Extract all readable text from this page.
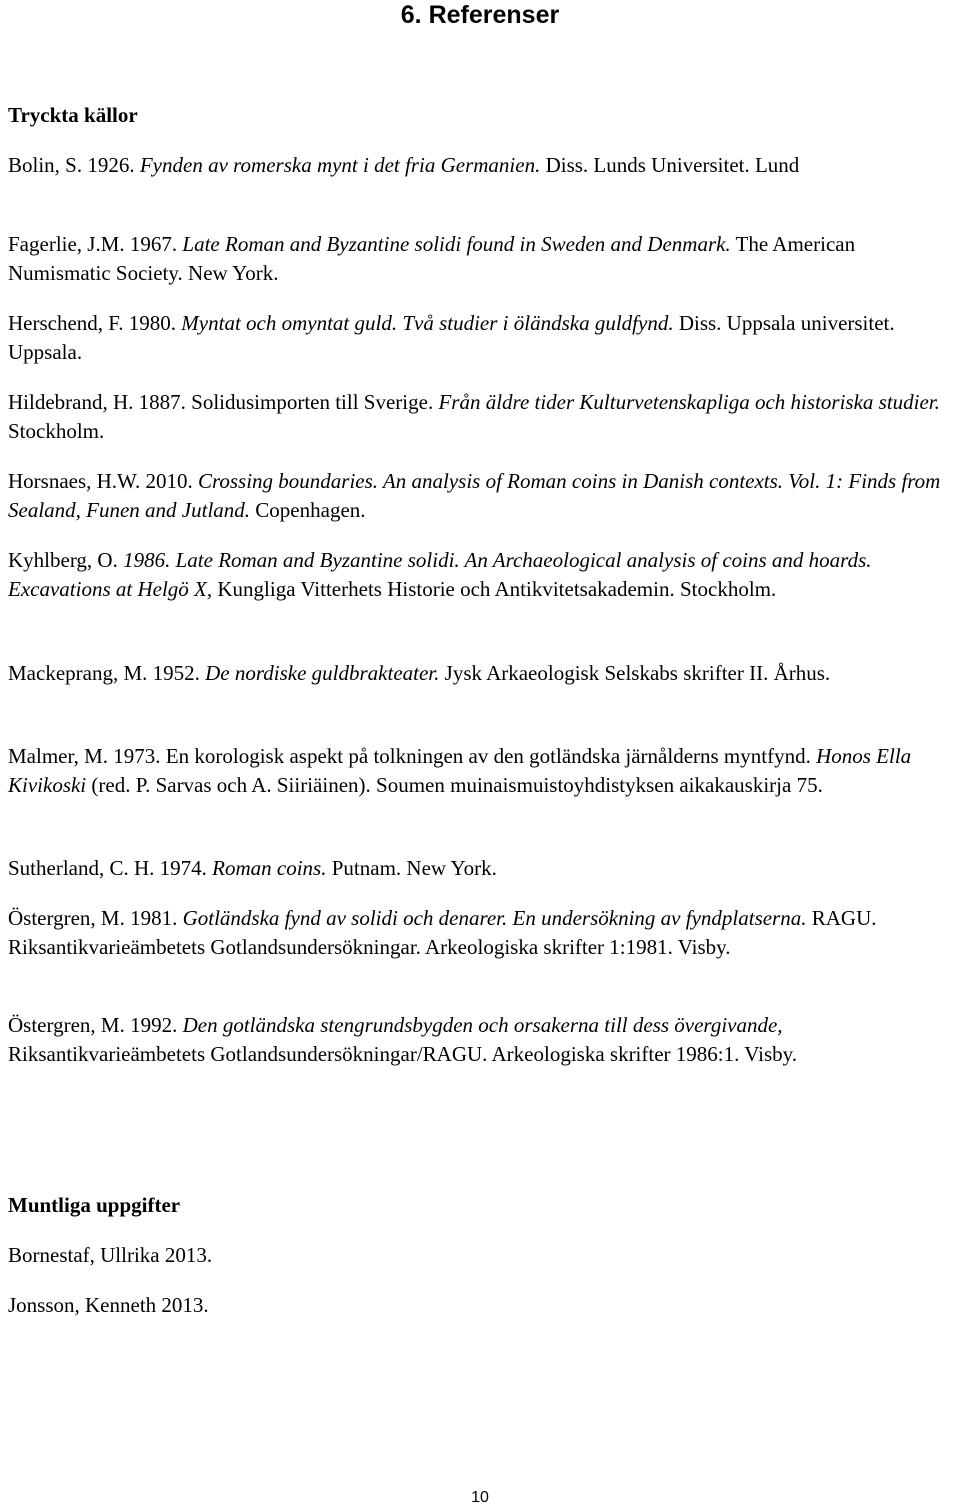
6. Referenser
Tryckta källor

Bolin, S. 1926. Fynden av romerska mynt i det fria Germanien. Diss. Lunds Universitet. Lund

Fagerlie, J.M. 1967. Late Roman and Byzantine solidi found in Sweden and Denmark. The American Numismatic Society. New York.

Herschend, F. 1980. Myntat och omyntat guld. Två studier i öländska guldfynd. Diss. Uppsala universitet. Uppsala.

Hildebrand, H. 1887. Solidusimporten till Sverige. Från äldre tider Kulturvetenskapliga och historiska studier. Stockholm.

Horsnaes, H.W. 2010. Crossing boundaries. An analysis of Roman coins in Danish contexts. Vol. 1: Finds from Sealand, Funen and Jutland. Copenhagen.

Kyhlberg, O. 1986. Late Roman and Byzantine solidi. An Archaeological analysis of coins and hoards. Excavations at Helgö X, Kungliga Vitterhets Historie och Antikvitetsakademin. Stockholm.

Mackeprang, M. 1952. De nordiske guldbrakteater. Jysk Arkaeologisk Selskabs skrifter II. Århus.

Malmer, M. 1973. En korologisk aspekt på tolkningen av den gotländska järnålderns myntfynd. Honos Ella Kivikoski (red. P. Sarvas och A. Siiriäinen). Soumen muinaismuistoyhdistyksen aikakauskirja 75.

Sutherland, C. H. 1974. Roman coins. Putnam. New York.

Östergren, M. 1981. Gotländska fynd av solidi och denarer. En undersökning av fyndplatserna. RAGU. Riksantikvarieämbetets Gotlandsundersökningar. Arkeologiska skrifter 1:1981. Visby.

Östergren, M. 1992. Den gotländska stengrundsbygden och orsakerna till dess övergivande, Riksantikvarieämbetets Gotlandsundersökningar/RAGU. Arkeologiska skrifter 1986:1. Visby.

Muntliga uppgifter

Bornestaf, Ullrika 2013.

Jonsson, Kenneth 2013.

10
